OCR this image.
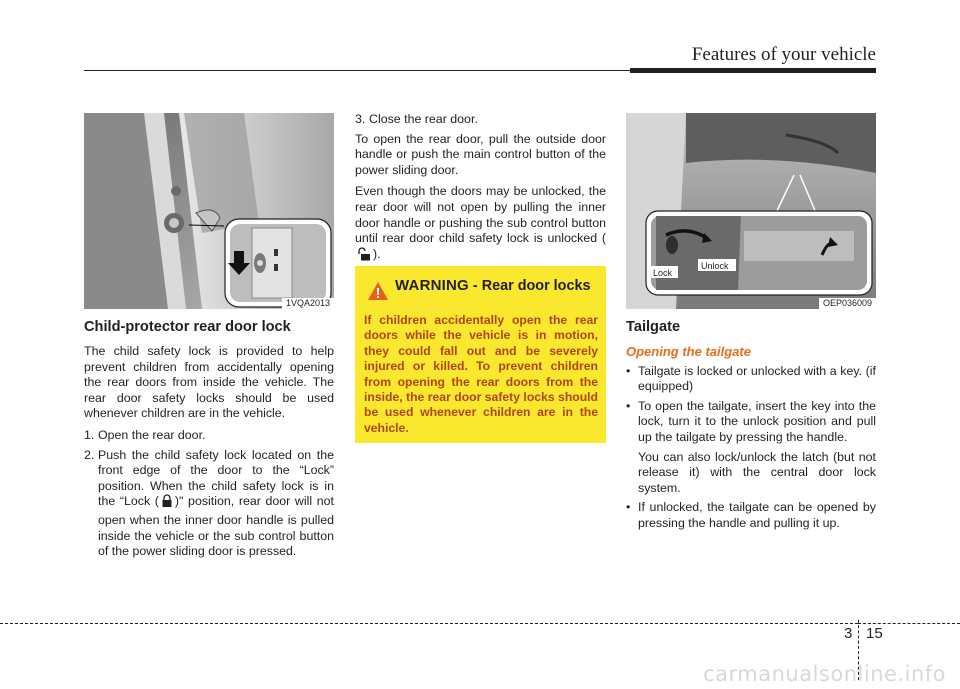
Features of your vehicle
1VQA2013
Child-protector rear door lock

The child safety lock is provided to help prevent children from accidentally opening the rear doors from inside the vehicle. The rear door safety locks should be used whenever children are in the vehicle.

1. Open the rear door.
2. Push the child safety lock located on the front edge of the door to the “Lock” position. When the child safety lock is in the “Lock ( )" position, rear door will not open when the inner door handle is pulled inside the vehicle or the sub control button of the power sliding door is pressed.
3. Close the rear door.

To open the rear door, pull the outside door handle or push the main control button of the power sliding door.

Even though the doors may be unlocked, the rear door will not open by pulling the inner door handle or pushing the sub control button until rear door child safety lock is unlocked ().

WARNING - Rear door locks
If children accidentally open the rear doors while the vehicle is in motion, they could fall out and be severely injured or killed. To prevent children from opening the rear doors from the inside, the rear door safety locks should be used whenever children are in the vehicle.
Lock
Unlock
OEP036009
Tailgate
Opening the tailgate
• Tailgate is locked or unlocked with a key. (if equipped)
• To open the tailgate, insert the key into the lock, turn it to the unlock position and pull up the tailgate by pressing the handle.
You can also lock/unlock the latch (but not release it) with the central door lock system.
• If unlocked, the tailgate can be opened by pressing the handle and pulling it up.
3 15
carmanualsonline.info
